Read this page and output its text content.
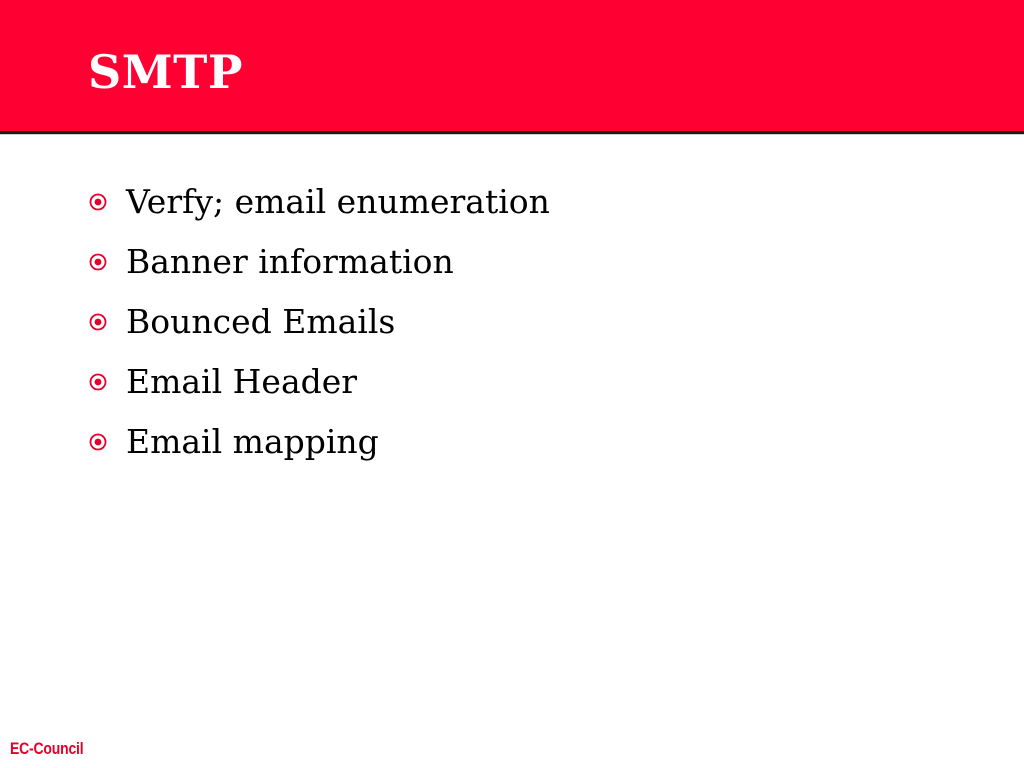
SMTP
Verfy; email enumeration
Banner information
Bounced Emails
Email Header
Email mapping
EC-Council
